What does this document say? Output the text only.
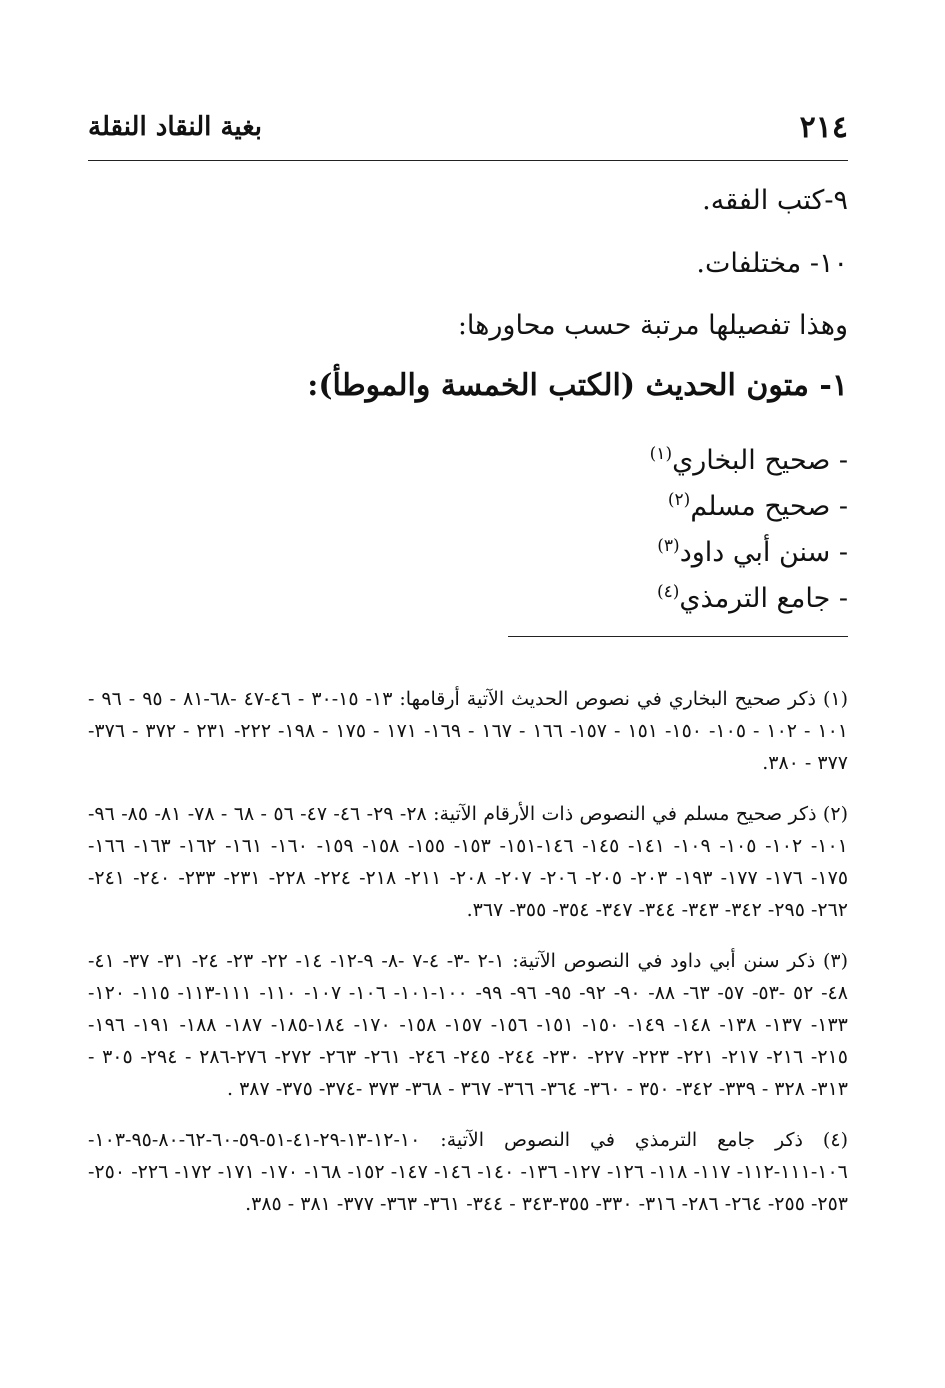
٢١٤
بغية النقاد النقلة
٩-كتب الفقه.
١٠- مختلفات.
وهذا تفصيلها مرتبة حسب محاورها:
١- متون الحديث (الكتب الخمسة والموطأ):
- صحيح البخاري$^{(١)}$
- صحيح مسلم$^{(٢)}$
- سنن أبي داود$^{(٣)}$
- جامع الترمذي$^{(٤)}$

(١) ذكر صحيح البخاري في نصوص الحديث الآتية أرقامها: ١٣- ١٥-٣٠ - ٤٦-٤٧ -٦٨-٨١ - ٩٥ - ٩٦ - ١٠١ - ١٠٢ - ١٠٥- ١٥٠- ١٥١ - ١٥٧- ١٦٦ - ١٦٧ - ١٦٩- ١٧١ - ١٧٥ - ١٩٨- ٢٢٢- ٢٣١ - ٣٧٢ - ٣٧٦- ٣٧٧ - ٣٨٠.

(٢) ذكر صحيح مسلم في النصوص ذات الأرقام الآتية: ٢٨- ٢٩- ٤٦- ٤٧- ٥٦ - ٦٨ - ٧٨- ٨١- ٨٥- ٩٦- ١٠١- ١٠٢- ١٠٥- ١٠٩- ١٤١- ١٤٥- ١٤٦-١٥١- ١٥٣- ١٥٥- ١٥٨- ١٥٩- ١٦٠- ١٦١- ١٦٢- ١٦٣- ١٦٦- ١٧٥- ١٧٦- ١٧٧- ١٩٣- ٢٠٣- ٢٠٥- ٢٠٦- ٢٠٧- ٢٠٨- ٢١١- ٢١٨- ٢٢٤- ٢٢٨- ٢٣١- ٢٣٣- ٢٤٠- ٢٤١- ٢٦٢- ٢٩٥- ٣٤٢- ٣٤٣- ٣٤٤- ٣٤٧- ٣٥٤- ٣٥٥- ٣٦٧.

(٣) ذكر سنن أبي داود في النصوص الآتية: ١-٢ -٣- ٤-٧ -٨- ٩-١٢- ١٤- ٢٢- ٢٣- ٢٤- ٣١- ٣٧- ٤١- ٤٨- ٥٢ -٥٣- ٥٧- ٦٣- ٨٨- ٩٠- ٩٢- ٩٥- ٩٦- ٩٩- ١٠٠-١٠١- ١٠٦- ١٠٧- ١١٠- ١١١-١١٣- ١١٥- ١٢٠- ١٣٣- ١٣٧- ١٣٨- ١٤٨- ١٤٩- ١٥٠- ١٥١- ١٥٦- ١٥٧- ١٥٨- ١٧٠- ١٨٤-١٨٥- ١٨٧- ١٨٨- ١٩١- ١٩٦- ٢١٥- ٢١٦- ٢١٧- ٢٢١- ٢٢٣- ٢٢٧- ٢٣٠- ٢٤٤- ٢٤٥- ٢٤٦- ٢٦١- ٢٦٣- ٢٧٢- ٢٧٦-٢٨٦ - ٢٩٤- ٣٠٥ - ٣١٣- ٣٢٨ - ٣٣٩- ٣٤٢- ٣٥٠ - ٣٦٠- ٣٦٤- ٣٦٦- ٣٦٧ - ٣٦٨- ٣٧٣ -٣٧٤- ٣٧٥- ٣٨٧ .

(٤) ذكر جامع الترمذي في النصوص الآتية: ١٠-١٢-١٣-٢٩-٤١-٥١-٥٩-٦٠-٦٢-٨٠-٩٥-١٠٣- ١٠٦-١١١-١١٢- ١١٧- ١١٨- ١٢٦- ١٢٧- ١٣٦- ١٤٠- ١٤٦- ١٤٧- ١٥٢- ١٦٨- ١٧٠- ١٧١- ١٧٢- ٢٢٦- ٢٥٠- ٢٥٣- ٢٥٥- ٢٦٤- ٢٨٦- ٣١٦- ٣٣٠- ٣٥٥-٣٤٣ - ٣٤٤- ٣٦١- ٣٦٣- ٣٧٧- ٣٨١ - ٣٨٥.
